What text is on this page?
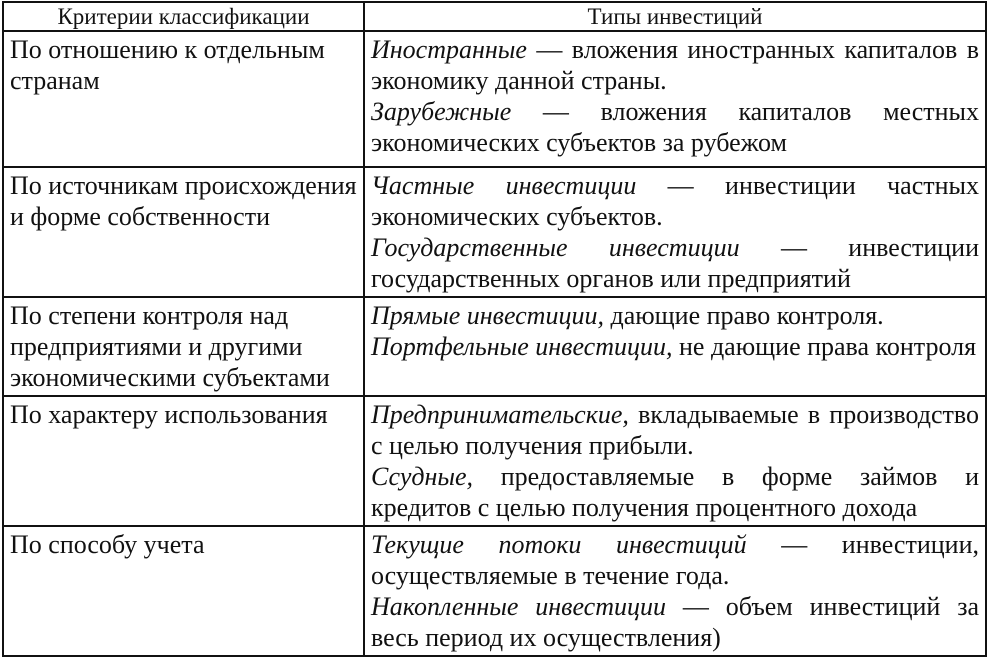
Критерии классификации	Типы инвестиций
По отношению к отдельным странам	Иностранные — вложения иностранных капиталов в экономику данной страны.
Зарубежные — вложения капиталов местных экономических субъектов за рубежом

По источникам происхождения и форме собственности	Частные инвестиции — инвестиции частных экономических субъектов.
Государственные инвестиции — инвестиции государственных органов или предприятий

По степени контроля над предприятиями и другими экономическими субъектами	Прямые инвестиции, дающие право контроля.
Портфельные инвестиции, не дающие права контроля

По характеру использования	Предпринимательские, вкладываемые в производство с целью получения прибыли.
Ссудные, предоставляемые в форме займов и кредитов с целью получения процентного дохода

По способу учета	Текущие потоки инвестиций — инвестиции, осуществляемые в течение года.
Накопленные инвестиции — объем инвестиций за весь период их осуществления)
